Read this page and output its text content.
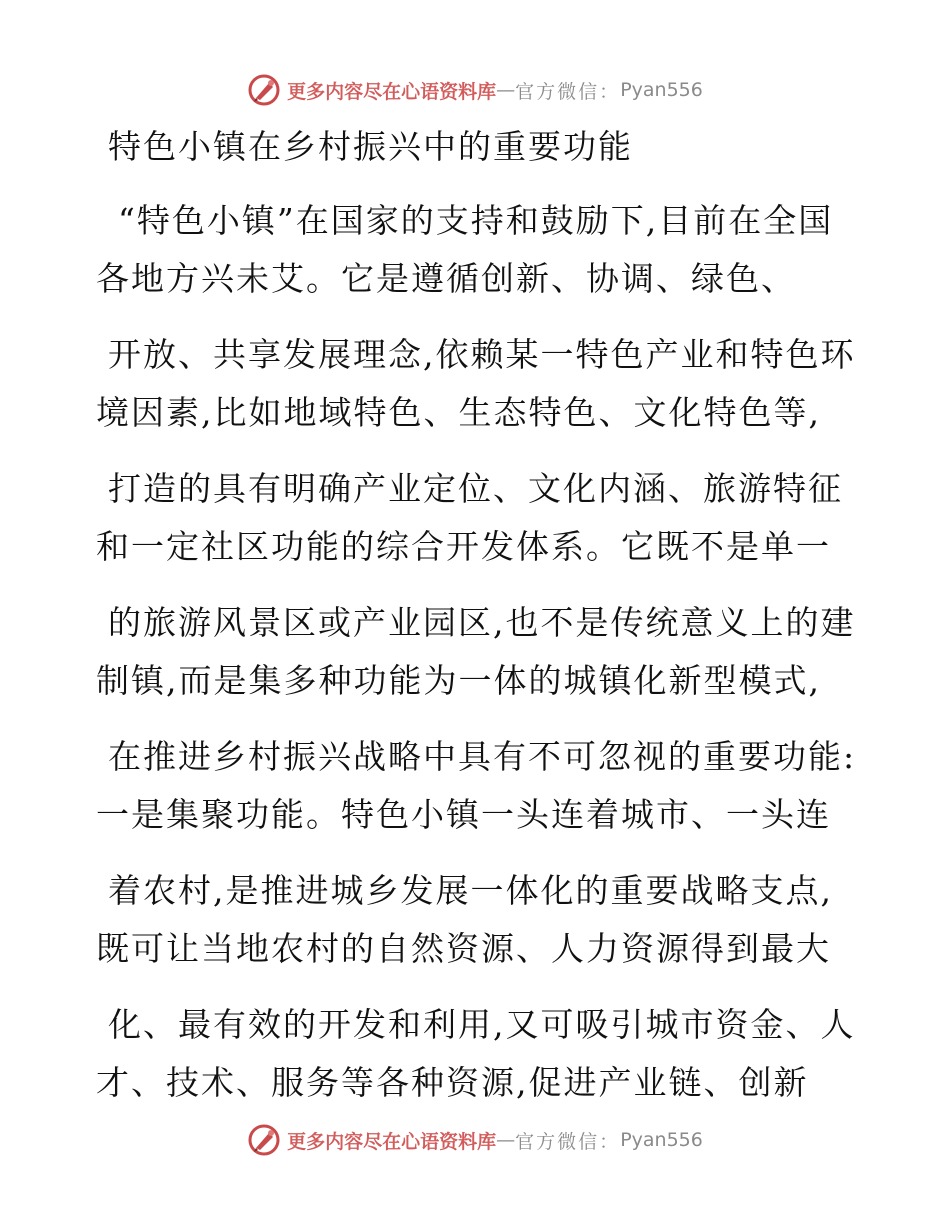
更多内容尽在心语资料库 — 官方微信： Pyan556
特色小镇在乡村振兴中的重要功能

“特色小镇”在国家的支持和鼓励下,目前在全国

各地方兴未艾。它是遵循创新、协调、绿色、

开放、共享发展理念,依赖某一特色产业和特色环

境因素,比如地域特色、生态特色、文化特色等,

打造的具有明确产业定位、文化内涵、旅游特征

和一定社区功能的综合开发体系。它既不是单一

的旅游风景区或产业园区,也不是传统意义上的建

制镇,而是集多种功能为一体的城镇化新型模式,

在推进乡村振兴战略中具有不可忽视的重要功能:

一是集聚功能。特色小镇一头连着城市、一头连

着农村,是推进城乡发展一体化的重要战略支点,

既可让当地农村的自然资源、人力资源得到最大

化、最有效的开发和利用,又可吸引城市资金、人

才、技术、服务等各种资源,促进产业链、创新

更多内容尽在心语资料库 — 官方微信： Pyan556
